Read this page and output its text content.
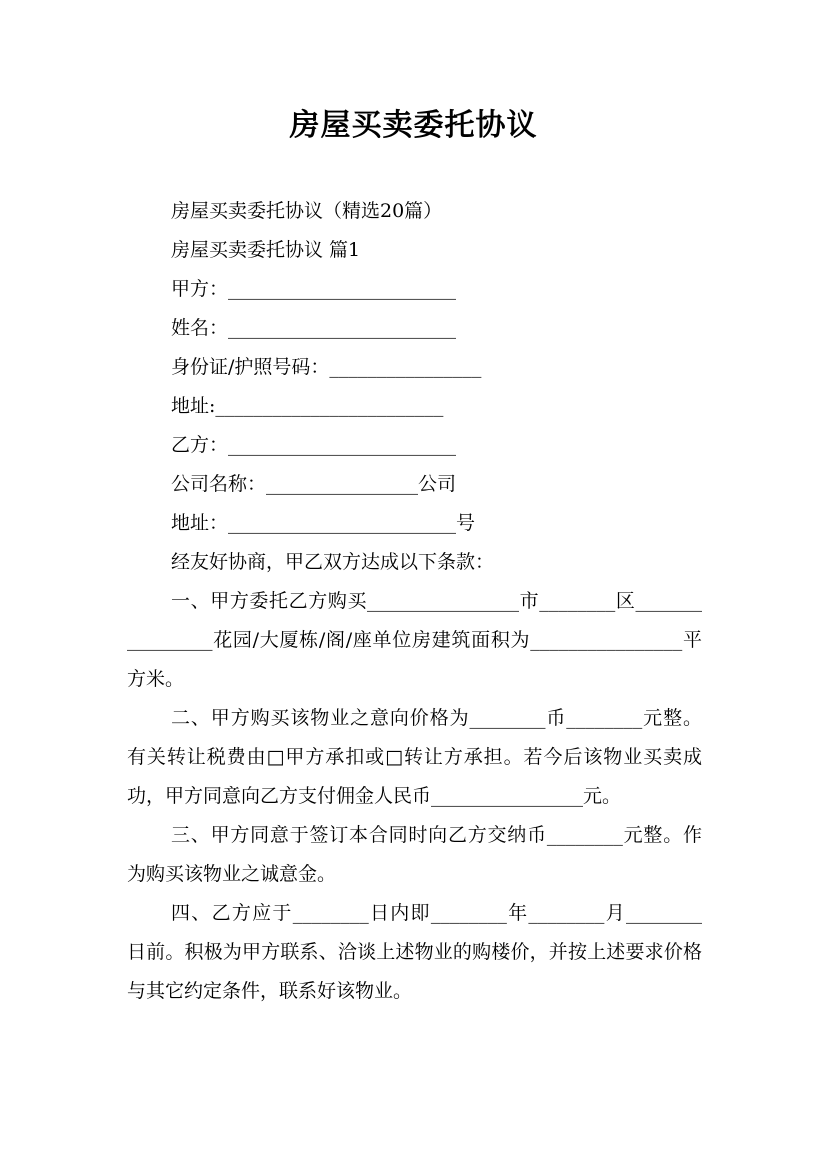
房屋买卖委托协议
房屋买卖委托协议（精选20篇）
房屋买卖委托协议 篇1
甲方：________________________
姓名：________________________
身份证/护照号码：________________
地址:________________________
乙方：________________________
公司名称：________________公司
地址：________________________号
经友好协商，甲乙双方达成以下条款：
一、甲方委托乙方购买________________市________区________________花园/大厦栋/阁/座单位房建筑面积为________________平方米。
二、甲方购买该物业之意向价格为________币________元整。有关转让税费由□甲方承扣或□转让方承担。若今后该物业买卖成功，甲方同意向乙方支付佣金人民币________________元。
三、甲方同意于签订本合同时向乙方交纳币________元整。作为购买该物业之诚意金。
四、乙方应于________日内即________年________月________日前。积极为甲方联系、洽谈上述物业的购楼价，并按上述要求价格与其它约定条件，联系好该物业。
